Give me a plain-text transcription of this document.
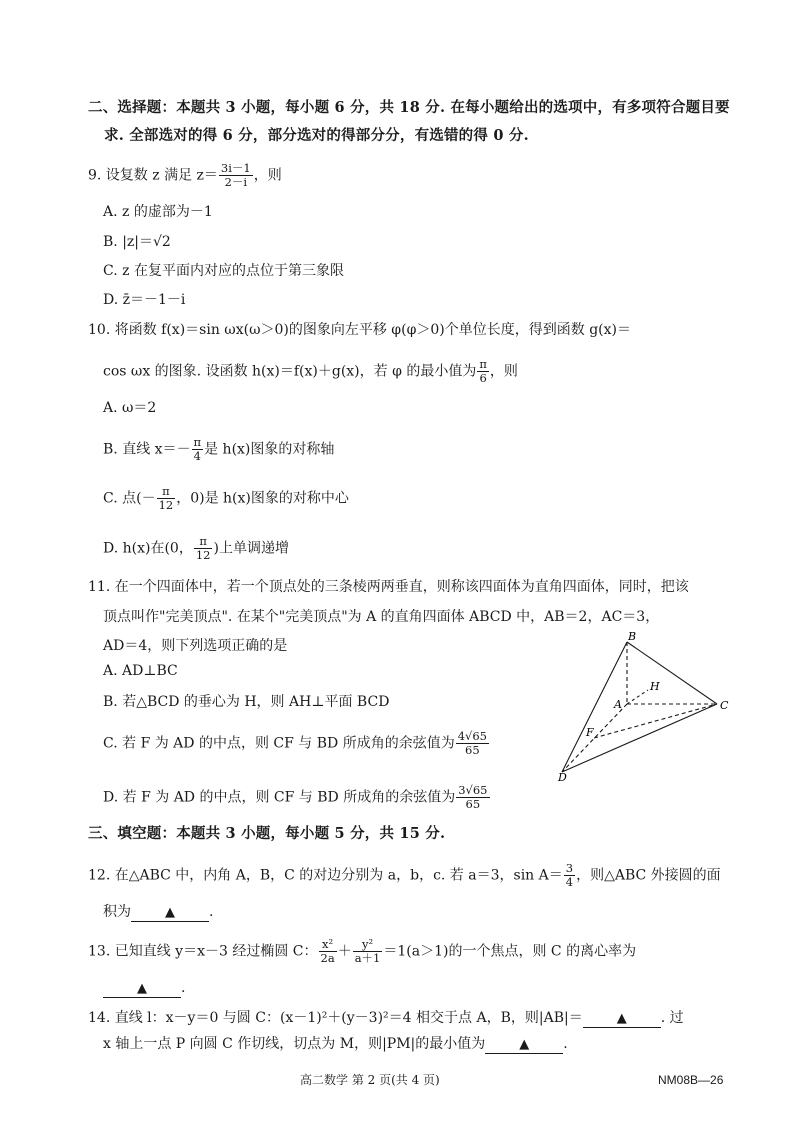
二、选择题：本题共 3 小题，每小题 6 分，共 18 分. 在每小题给出的选项中，有多项符合题目要
求. 全部选对的得 6 分，部分选对的得部分分，有选错的得 0 分.
9. 设复数 z 满足 $z= \frac{3i-1}{2-i}$ ，则
A. z 的虚部为－1
B. |z|＝√2
C. z 在复平面内对应的点位于第三象限
D. z̄＝－1－i
10. 将函数 f(x)＝sin ωx(ω＞0)的图象向左平移 φ(φ＞0)个单位长度，得到函数 g(x)＝
cos ωx 的图象. 设函数 h(x)＝f(x)＋g(x)，若 φ 的最小值为 $\frac{\pi}{6}$ ，则
A. ω＝2
B. 直线 $x=- \frac{\pi}{4}$ 是 h(x)图象的对称轴
C. 点(－ $\frac{\pi}{12}$ ，0)是 h(x)图象的对称中心
D. h(x)在(0， $\frac{\pi}{12}$ )上单调递增
11. 在一个四面体中，若一个顶点处的三条棱两两垂直，则称该四面体为直角四面体，同时，把该
顶点叫作"完美顶点". 在某个"完美顶点"为 A 的直角四面体 ABCD 中，AB＝2，AC＝3，
AD＝4，则下列选项正确的是
A. AD⊥BC
B. 若△BCD 的垂心为 H，则 AH⊥平面 BCD
C. 若 F 为 AD 的中点，则 CF 与 BD 所成角的余弦值为 $\frac{4√65}{65}$
D. 若 F 为 AD 的中点，则 CF 与 BD 所成角的余弦值为 $\frac{3√65}{65}$
B
H
A	C
F
D
三、填空题：本题共 3 小题，每小题 5 分，共 15 分.
12. 在△ABC 中，内角 A，B，C 的对边分别为 a，b，c. 若 a＝3，$\sin A= \frac{3}{4}$ ，则△ABC 外接圆的面
积为	▲ .
13. 已知直线 y＝x－3 经过椭圆 C： $\frac{\text{x²}}{2a} + \frac{\text{y²}}{a+1} =1(a>1)$的一个焦点，则 C 的离心率为
▲ .
14. 直线 l：x－y＝0 与圆 C：(x－1)²＋(y－3)²＝4 相交于点 A，B，则|AB|＝	▲ . 过
x 轴上一点 P 向圆 C 作切线，切点为 M，则|PM|的最小值为	▲ .
高二数学 第 2 页(共 4 页)	NM08B—26
